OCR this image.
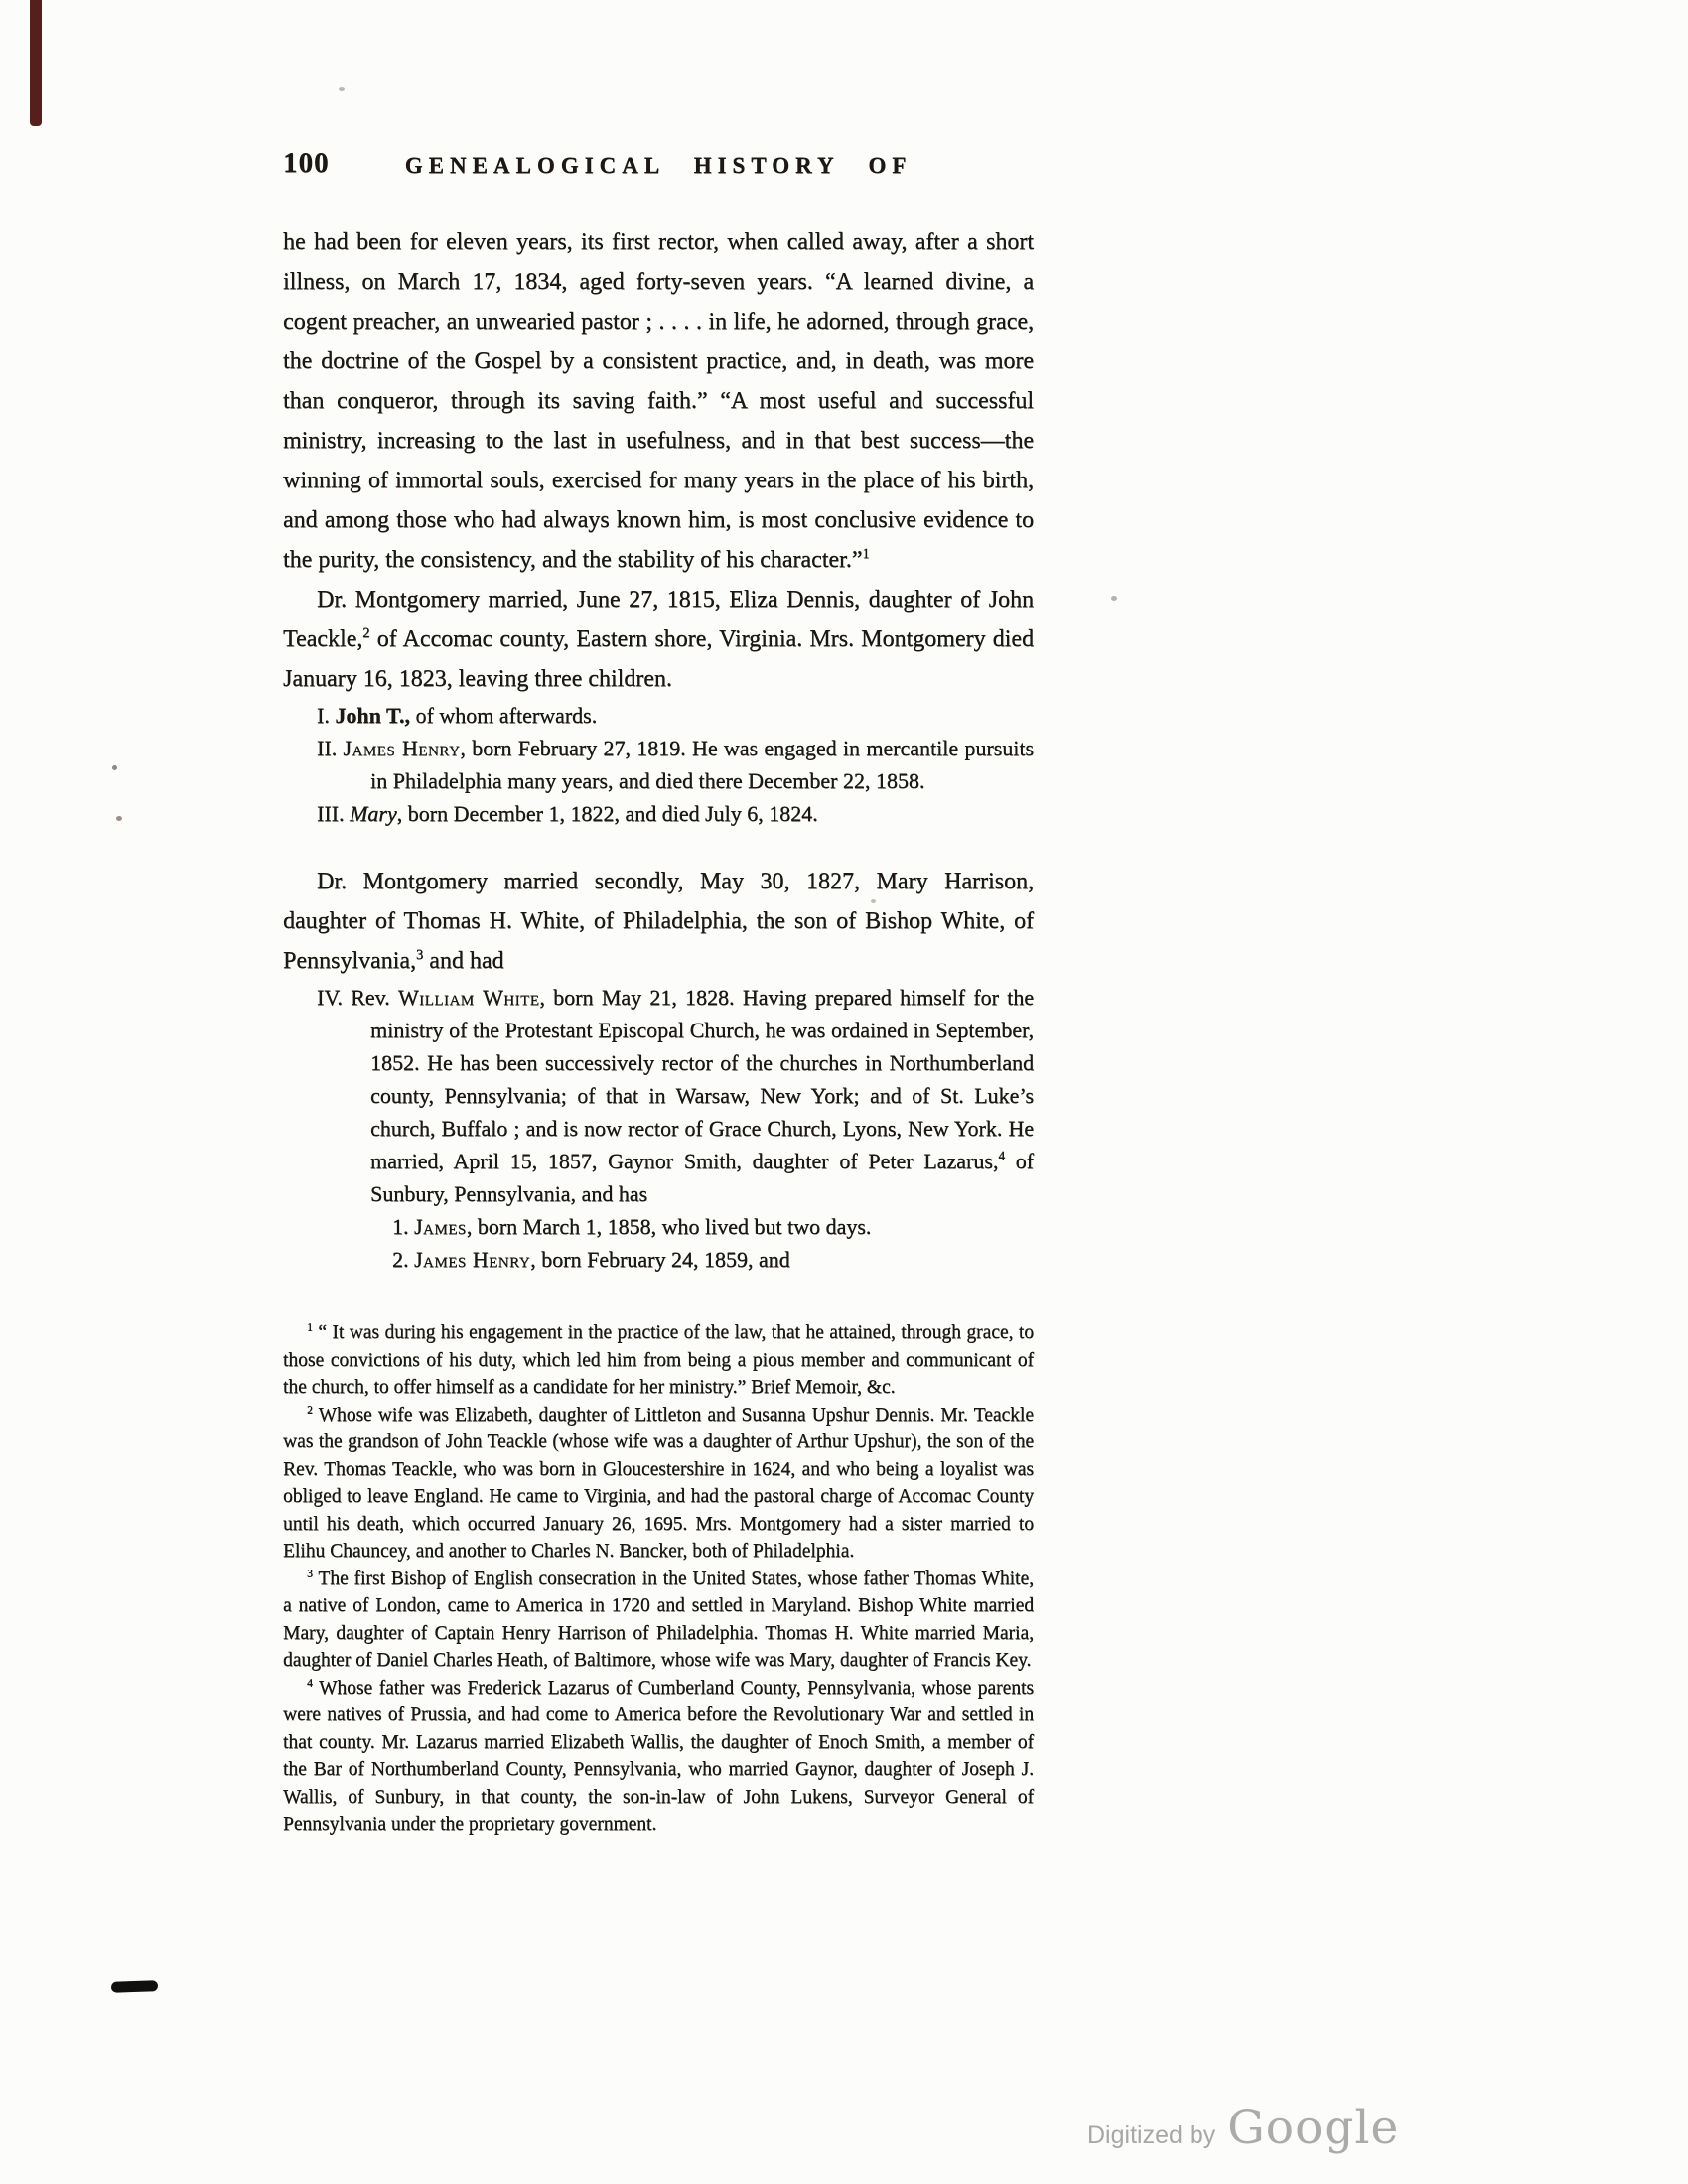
100	GENEALOGICAL HISTORY OF
he had been for eleven years, its first rector, when called away, after a short illness, on March 17, 1834, aged forty-seven years. “A learned divine, a cogent preacher, an unwearied pastor ; . . . . in life, he adorned, through grace, the doctrine of the Gospel by a consistent practice, and, in death, was more than conqueror, through its saving faith.” “A most useful and successful ministry, increasing to the last in usefulness, and in that best success—the winning of immortal souls, exercised for many years in the place of his birth, and among those who had always known him, is most conclusive evidence to the purity, the consistency, and the stability of his character.”$^1$
Dr. Montgomery married, June 27, 1815, Eliza Dennis, daughter of John Teackle,$^2$ of Accomac county, Eastern shore, Virginia. Mrs. Montgomery died January 16, 1823, leaving three children.
I. John T., of whom afterwards.
II. James Henry, born February 27, 1819. He was engaged in mercantile pursuits in Philadelphia many years, and died there December 22, 1858.
III. Mary, born December 1, 1822, and died July 6, 1824.
Dr. Montgomery married secondly, May 30, 1827, Mary Harrison, daughter of Thomas H. White, of Philadelphia, the son of Bishop White, of Pennsylvania,$^3$ and had
IV. Rev. William White, born May 21, 1828. Having prepared himself for the ministry of the Protestant Episcopal Church, he was ordained in September, 1852. He has been successively rector of the churches in Northumberland county, Pennsylvania; of that in Warsaw, New York; and of St. Luke’s church, Buffalo ; and is now rector of Grace Church, Lyons, New York. He married, April 15, 1857, Gaynor Smith, daughter of Peter Lazarus,$^4$ of Sunbury, Pennsylvania, and has
1. James, born March 1, 1858, who lived but two days.
2. James Henry, born February 24, 1859, and
$^1$ “ It was during his engagement in the practice of the law, that he attained, through grace, to those convictions of his duty, which led him from being a pious member and communicant of the church, to offer himself as a candidate for her ministry.” Brief Memoir, &c.
$^2$ Whose wife was Elizabeth, daughter of Littleton and Susanna Upshur Dennis. Mr. Teackle was the grandson of John Teackle (whose wife was a daughter of Arthur Upshur), the son of the Rev. Thomas Teackle, who was born in Gloucestershire in 1624, and who being a loyalist was obliged to leave England. He came to Virginia, and had the pastoral charge of Accomac County until his death, which occurred January 26, 1695. Mrs. Montgomery had a sister married to Elihu Chauncey, and another to Charles N. Bancker, both of Philadelphia.
$^3$ The first Bishop of English consecration in the United States, whose father Thomas White, a native of London, came to America in 1720 and settled in Maryland. Bishop White married Mary, daughter of Captain Henry Harrison of Philadelphia. Thomas H. White married Maria, daughter of Daniel Charles Heath, of Baltimore, whose wife was Mary, daughter of Francis Key.
$^4$ Whose father was Frederick Lazarus of Cumberland County, Pennsylvania, whose parents were natives of Prussia, and had come to America before the Revolutionary War and settled in that county. Mr. Lazarus married Elizabeth Wallis, the daughter of Enoch Smith, a member of the Bar of Northumberland County, Pennsylvania, who married Gaynor, daughter of Joseph J. Wallis, of Sunbury, in that county, the son-in-law of John Lukens, Surveyor General of Pennsylvania under the proprietary government.
Digitized by Google
